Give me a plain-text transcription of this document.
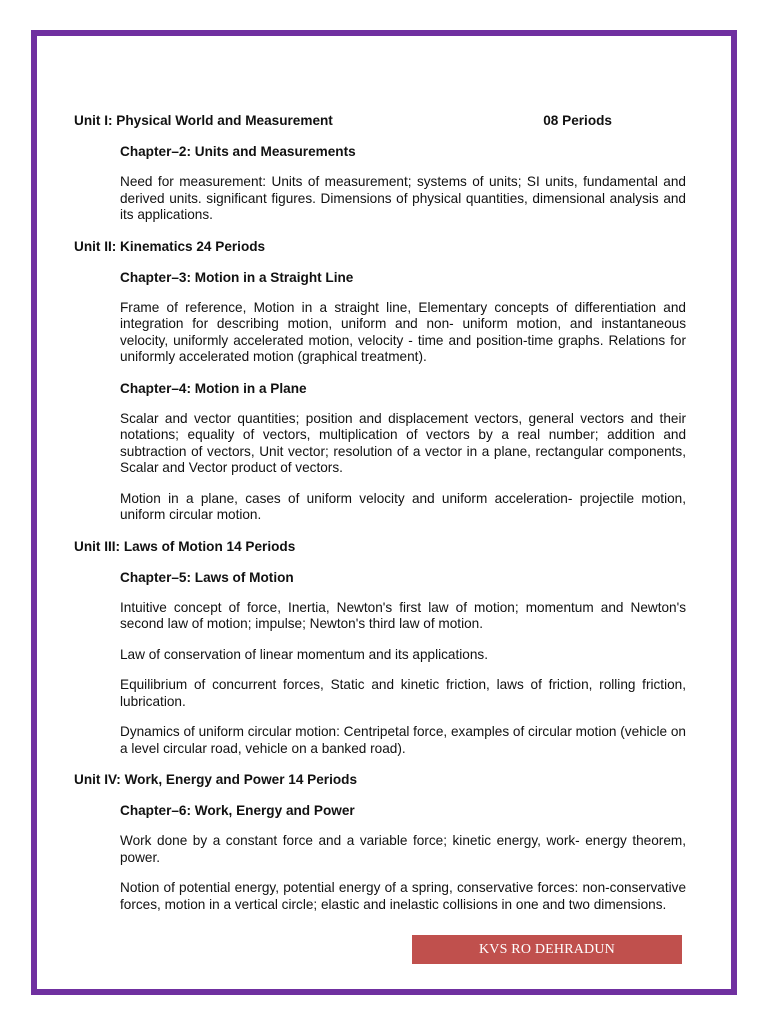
Unit I: Physical World and Measurement	08 Periods
Chapter–2: Units and Measurements
Need for measurement: Units of measurement; systems of units; SI units, fundamental and derived units. significant figures. Dimensions of physical quantities, dimensional analysis and its applications.
Unit II: Kinematics 24 Periods
Chapter–3: Motion in a Straight Line
Frame of reference, Motion in a straight line, Elementary concepts of differentiation and integration for describing motion, uniform and non- uniform motion, and instantaneous velocity, uniformly accelerated motion, velocity - time and position-time graphs. Relations for uniformly accelerated motion (graphical treatment).
Chapter–4: Motion in a Plane
Scalar and vector quantities; position and displacement vectors, general vectors and their notations; equality of vectors, multiplication of vectors by a real number; addition and subtraction of vectors, Unit vector; resolution of a vector in a plane, rectangular components, Scalar and Vector product of vectors.
Motion in a plane, cases of uniform velocity and uniform acceleration- projectile motion, uniform circular motion.
Unit III: Laws of Motion 14 Periods
Chapter–5: Laws of Motion
Intuitive concept of force, Inertia, Newton's first law of motion; momentum and Newton's second law of motion; impulse; Newton's third law of motion.
Law of conservation of linear momentum and its applications.
Equilibrium of concurrent forces, Static and kinetic friction, laws of friction, rolling friction, lubrication.
Dynamics of uniform circular motion: Centripetal force, examples of circular motion (vehicle on a level circular road, vehicle on a banked road).
Unit IV: Work, Energy and Power 14 Periods
Chapter–6: Work, Energy and Power
Work done by a constant force and a variable force; kinetic energy, work- energy theorem, power.
Notion of potential energy, potential energy of a spring, conservative forces: non-conservative forces, motion in a vertical circle; elastic and inelastic collisions in one and two dimensions.
KVS RO DEHRADUN
